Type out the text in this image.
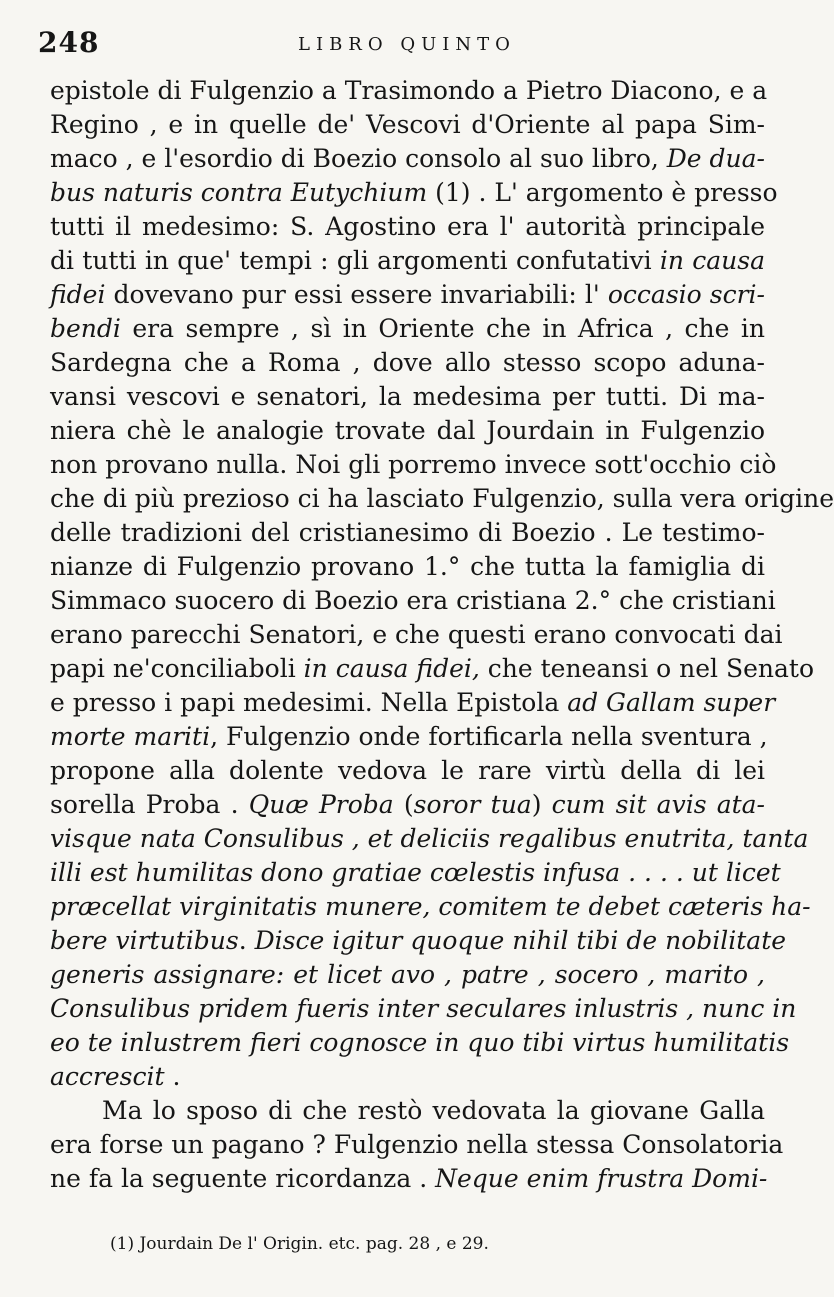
248	LIBRO QUINTO
epistole di Fulgenzio a Trasimondo a Pietro Diacono, e a
Regino , e in quelle de' Vescovi d'Oriente al papa Sim-
maco , e l'esordio di Boezio consolo al suo libro, De dua-
bus naturis contra Eutychium (1) . L' argomento è presso
tutti il medesimo: S. Agostino era l' autorità principale
di tutti in que' tempi : gli argomenti confutativi in causa
fidei dovevano pur essi essere invariabili: l' occasio scri-
bendi era sempre , sì in Oriente che in Africa , che in
Sardegna che a Roma , dove allo stesso scopo aduna-
vansi vescovi e senatori, la medesima per tutti. Di ma-
niera chè le analogie trovate dal Jourdain in Fulgenzio
non provano nulla. Noi gli porremo invece sott'occhio ciò
che di più prezioso ci ha lasciato Fulgenzio, sulla vera origine
delle tradizioni del cristianesimo di Boezio . Le testimo-
nianze di Fulgenzio provano 1.° che tutta la famiglia di
Simmaco suocero di Boezio era cristiana 2.° che cristiani
erano parecchi Senatori, e che questi erano convocati dai
papi ne'conciliaboli in causa fidei, che teneansi o nel Senato
e presso i papi medesimi. Nella Epistola ad Gallam super
morte mariti, Fulgenzio onde fortificarla nella sventura ,
propone alla dolente vedova le rare virtù della di lei
sorella Proba . Quæ Proba (soror tua) cum sit avis ata-
visque nata Consulibus , et deliciis regalibus enutrita, tanta
illi est humilitas dono gratiae cœlestis infusa . . . . ut licet
præcellat virginitatis munere, comitem te debet cæteris ha-
bere virtutibus. Disce igitur quoque nihil tibi de nobilitate
generis assignare: et licet avo , patre , socero , marito ,
Consulibus pridem fueris inter seculares inlustris , nunc in
eo te inlustrem fieri cognosce in quo tibi virtus humilitatis
accrescit .
Ma lo sposo di che restò vedovata la giovane Galla
era forse un pagano ? Fulgenzio nella stessa Consolatoria
ne fa la seguente ricordanza . Neque enim frustra Domi-
(1) Jourdain De l' Origin. etc. pag. 28 , e 29.
